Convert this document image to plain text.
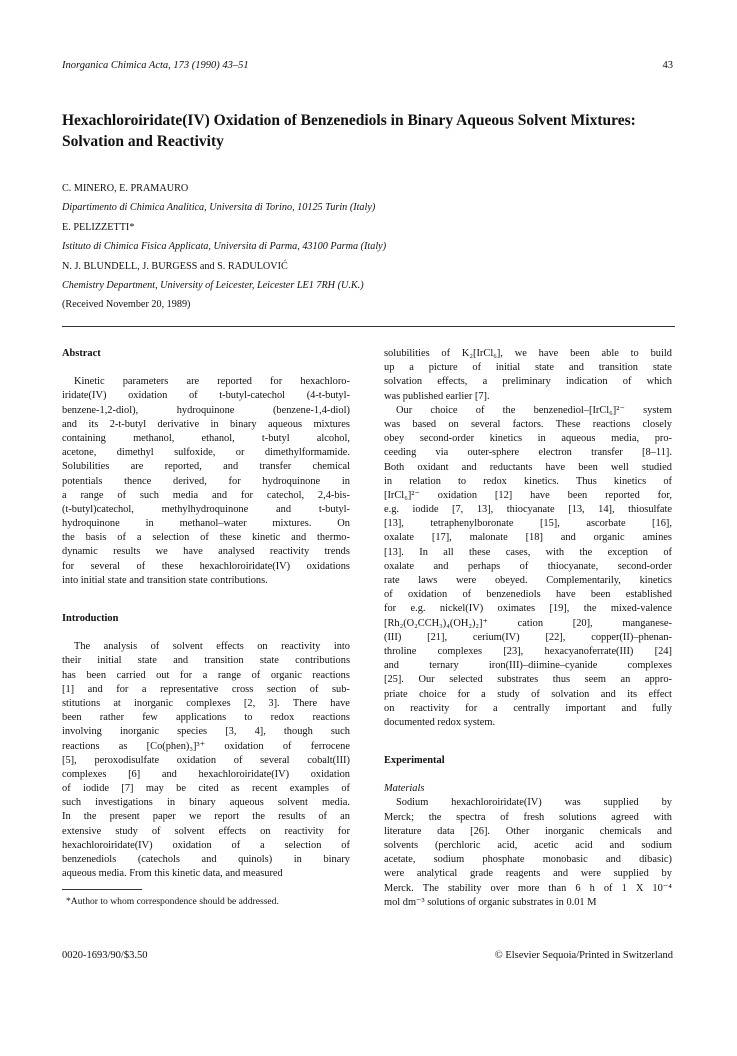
Inorganica Chimica Acta, 173 (1990) 43–51	43
Hexachloroiridate(IV) Oxidation of Benzenediols in Binary Aqueous Solvent Mixtures:
Solvation and Reactivity
C. MINERO, E. PRAMAURO
Dipartimento di Chimica Analitica, Universita di Torino, 10125 Turin (Italy)
E. PELIZZETTI*
Istituto di Chimica Fisica Applicata, Universita di Parma, 43100 Parma (Italy)
N. J. BLUNDELL, J. BURGESS and S. RADULOVIĆ
Chemistry Department, University of Leicester, Leicester LE1 7RH (U.K.)
(Received November 20, 1989)
Abstract
Kinetic parameters are reported for hexachloro-
iridate(IV) oxidation of t-butyl-catechol (4-t-butyl-
benzene-1,2-diol),	hydroquinone	(benzene-1,4-diol)
and its 2-t-butyl derivative in binary aqueous mixtures
containing	methanol,	ethanol,	t-butyl	alcohol,
acetone, dimethyl sulfoxide, or dimethylformamide.
Solubilities are reported, and transfer chemical
potentials thence derived, for hydroquinone in
a range of such media and for catechol, 2,4-bis-
(t-butyl)catechol,	methylhydroquinone	and	t-butyl-
hydroquinone in methanol–water mixtures. On
the basis of a selection of these kinetic and thermo-
dynamic results we have analysed reactivity trends
for several of these hexachloroiridate(IV) oxidations
into initial state and transition state contributions.
Introduction
The analysis of solvent effects on reactivity into
their initial state and transition state contributions
has been carried out for a range of organic reactions
[1] and for a representative cross section of sub-
stitutions at inorganic complexes [2, 3]. There have
been rather few applications to redox reactions
involving inorganic species [3, 4], though such
reactions as [Co(phen)₃]³⁺ oxidation of ferrocene
[5], peroxodisulfate oxidation of several cobalt(III)
complexes [6] and hexachloroiridate(IV) oxidation
of iodide [7] may be cited as recent examples of
such investigations in binary aqueous solvent media.
In the present paper we report the results of an
extensive study of solvent effects on reactivity for
hexachloroiridate(IV) oxidation of a selection of
benzenediols (catechols and quinols) in binary
aqueous media. From this kinetic data, and measured
*Author to whom correspondence should be addressed.
solubilities of K₂[IrCl₆], we have been able to build
up a picture of initial state and transition state
solvation effects, a preliminary indication of which
was published earlier [7].
Our choice of the benzenediol–[IrCl₆]²⁻ system
was based on several factors. These reactions closely
obey second-order kinetics in aqueous media, pro-
ceeding via outer-sphere electron transfer [8–11].
Both oxidant and reductants have been well studied
in relation to redox kinetics. Thus kinetics of
[IrCl₆]²⁻ oxidation [12] have been reported for,
e.g. iodide [7, 13], thiocyanate [13, 14], thiosulfate
[13],	tetraphenylboronate	[15],	ascorbate	[16],
oxalate [17], malonate [18] and organic amines
[13]. In all these cases, with the exception of
oxalate and perhaps of thiocyanate, second-order
rate laws were obeyed. Complementarily, kinetics
of oxidation of benzenediols have been established
for e.g. nickel(IV) oximates [19], the mixed-valence
[Rh₂(O₂CCH₃)₄(OH₂)₂]⁺	cation	[20],	manganese-
(III) [21], cerium(IV) [22], copper(II)–phenan-
throline complexes [23], hexacyanoferrate(III) [24]
and	ternary	iron(III)–diimine–cyanide	complexes
[25]. Our selected substrates thus seem an appro-
priate choice for a study of solvation and its effect
on reactivity for a centrally important and fully
documented redox system.
Experimental
Materials
Sodium hexachloroiridate(IV) was supplied by
Merck; the spectra of fresh solutions agreed with
literature data [26]. Other inorganic chemicals and
solvents (perchloric acid, acetic acid and sodium
acetate, sodium phosphate monobasic and dibasic)
were analytical grade reagents and were supplied by
Merck. The stability over more than 6 h of 1 X 10⁻⁴
mol dm⁻³ solutions of organic substrates in 0.01 M
0020-1693/90/$3.50	© Elsevier Sequoia/Printed in Switzerland
